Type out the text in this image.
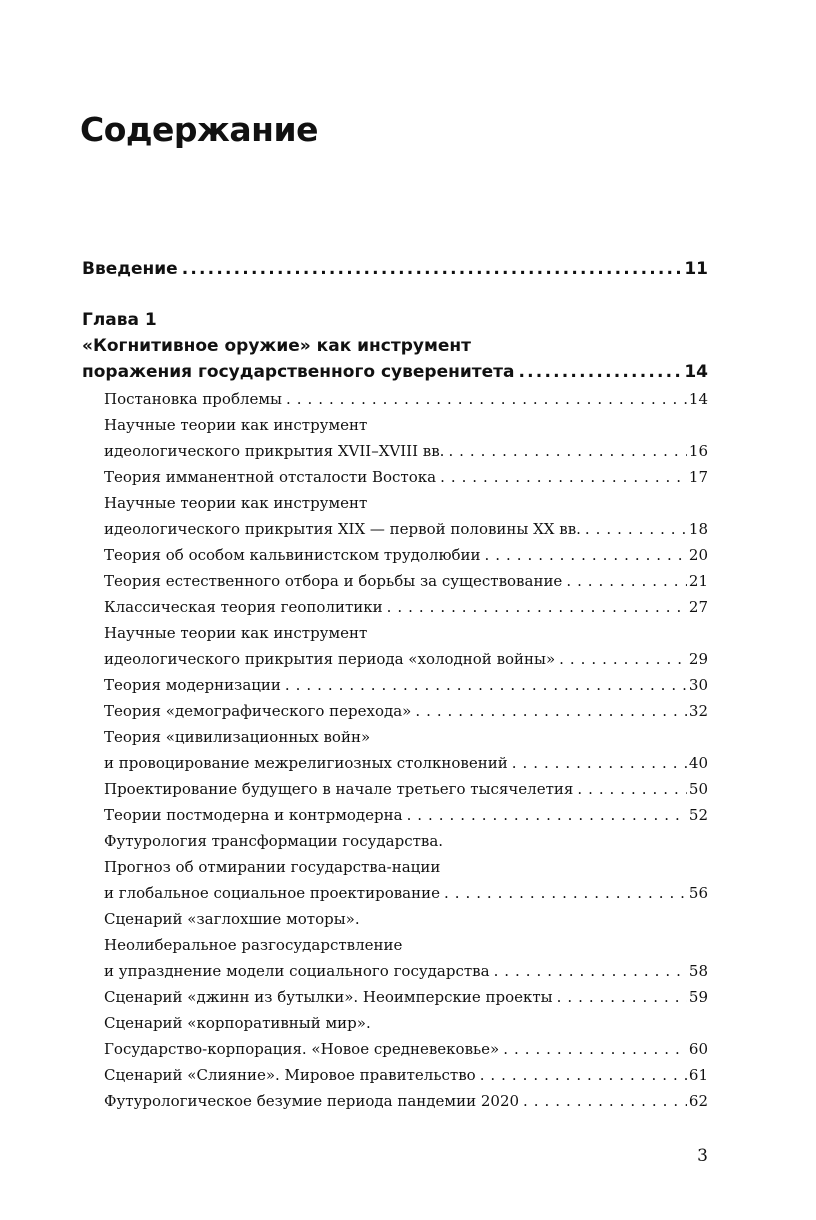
Содержание
Введение .....	11
Глава 1
«Когнитивное оружие» как инструмент
поражения государственного суверенитета .....	14
Постановка проблемы . . .	14
Научные теории как инструмент
идеологического прикрытия XVII–XVIII вв. . . .	16
Теория имманентной отсталости Востока . . .	17
Научные теории как инструмент
идеологического прикрытия XIX — первой половины XX вв. . . .	18
Теория об особом кальвинистском трудолюбии . . .	20
Теория естественного отбора и борьбы за существование . . .	21
Классическая теория геополитики . . .	27
Научные теории как инструмент
идеологического прикрытия периода «холодной войны» . . .	29
Теория модернизации . . .	30
Теория «демографического перехода» . . .	32
Теория «цивилизационных войн»
и провоцирование межрелигиозных столкновений . . .	40
Проектирование будущего в начале третьего тысячелетия . . .	50
Теории постмодерна и контрмодерна . . .	52
Футурология трансформации государства.
Прогноз об отмирании государства-нации
и глобальное социальное проектирование . . .	56
Сценарий «заглохшие моторы».
Неолиберальное разгосударствление
и упразднение модели социального государства . . .	58
Сценарий «джинн из бутылки». Неоимперские проекты . . .	59
Сценарий «корпоративный мир».
Государство-корпорация. «Новое средневековье» . . .	60
Сценарий «Слияние». Мировое правительство . . .	61
Футурологическое безумие периода пандемии 2020 . . .	62
3
